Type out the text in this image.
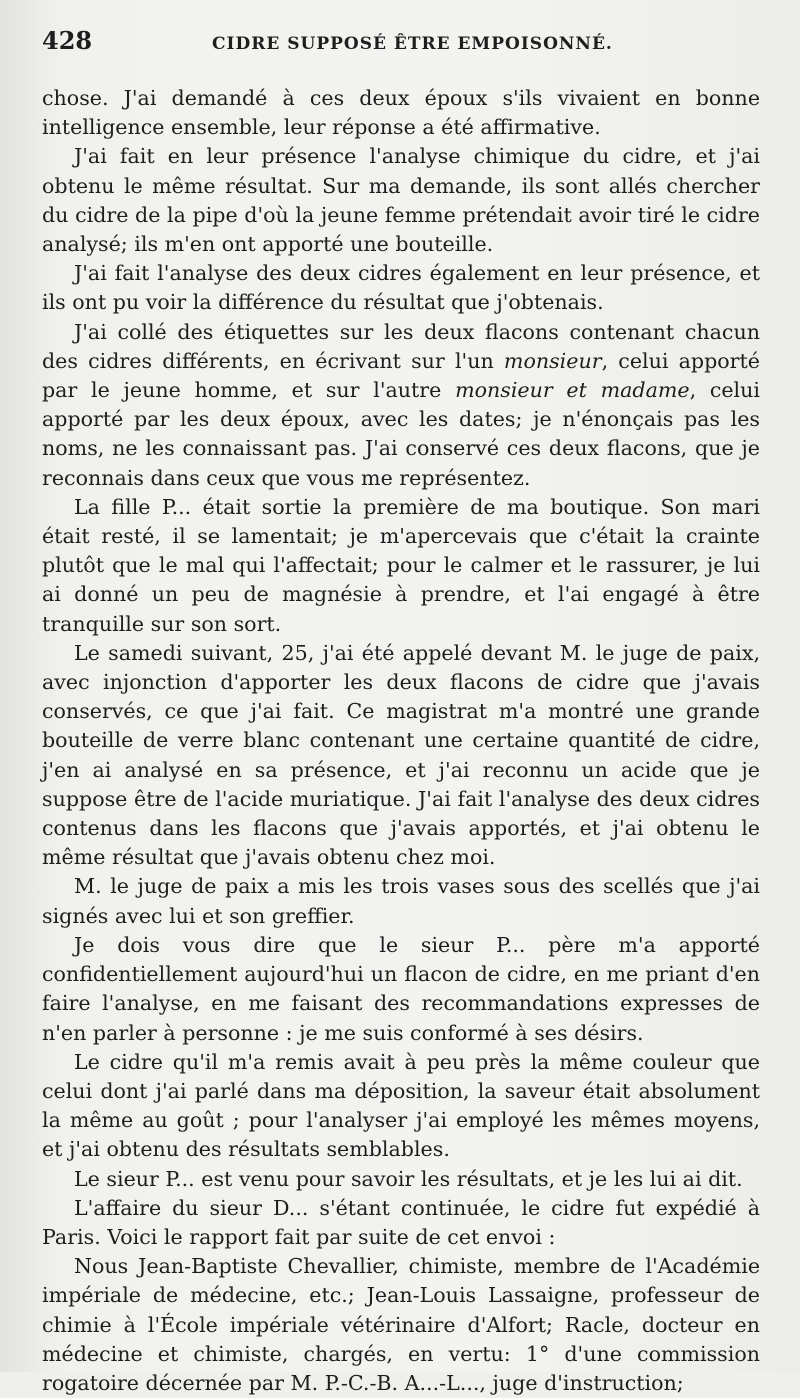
428	CIDRE SUPPOSÉ ÊTRE EMPOISONNÉ.

chose. J'ai demandé à ces deux époux s'ils vivaient en bonne intelligence ensemble, leur réponse a été affirmative.

J'ai fait en leur présence l'analyse chimique du cidre, et j'ai obtenu le même résultat. Sur ma demande, ils sont allés chercher du cidre de la pipe d'où la jeune femme prétendait avoir tiré le cidre analysé; ils m'en ont apporté une bouteille.

J'ai fait l'analyse des deux cidres également en leur présence, et ils ont pu voir la différence du résultat que j'obtenais.

J'ai collé des étiquettes sur les deux flacons contenant chacun des cidres différents, en écrivant sur l'un monsieur, celui apporté par le jeune homme, et sur l'autre monsieur et madame, celui apporté par les deux époux, avec les dates; je n'énonçais pas les noms, ne les connaissant pas. J'ai conservé ces deux flacons, que je reconnais dans ceux que vous me représentez.

La fille P... était sortie la première de ma boutique. Son mari était resté, il se lamentait; je m'apercevais que c'était la crainte plutôt que le mal qui l'affectait; pour le calmer et le rassurer, je lui ai donné un peu de magnésie à prendre, et l'ai engagé à être tranquille sur son sort.

Le samedi suivant, 25, j'ai été appelé devant M. le juge de paix, avec injonction d'apporter les deux flacons de cidre que j'avais conservés, ce que j'ai fait. Ce magistrat m'a montré une grande bouteille de verre blanc contenant une certaine quantité de cidre, j'en ai analysé en sa présence, et j'ai reconnu un acide que je suppose être de l'acide muriatique. J'ai fait l'analyse des deux cidres contenus dans les flacons que j'avais apportés, et j'ai obtenu le même résultat que j'avais obtenu chez moi.

M. le juge de paix a mis les trois vases sous des scellés que j'ai signés avec lui et son greffier.

Je dois vous dire que le sieur P... père m'a apporté confidentiellement aujourd'hui un flacon de cidre, en me priant d'en faire l'analyse, en me faisant des recommandations expresses de n'en parler à personne : je me suis conformé à ses désirs.

Le cidre qu'il m'a remis avait à peu près la même couleur que celui dont j'ai parlé dans ma déposition, la saveur était absolument la même au goût ; pour l'analyser j'ai employé les mêmes moyens, et j'ai obtenu des résultats semblables.

Le sieur P... est venu pour savoir les résultats, et je les lui ai dit.

L'affaire du sieur D... s'étant continuée, le cidre fut expédié à Paris. Voici le rapport fait par suite de cet envoi :

Nous Jean-Baptiste Chevallier, chimiste, membre de l'Académie impériale de médecine, etc.; Jean-Louis Lassaigne, professeur de chimie à l'École impériale vétérinaire d'Alfort; Racle, docteur en médecine et chimiste, chargés, en vertu: 1° d'une commission rogatoire décernée par M. P.-C.-B. A...-L..., juge d'instruction;
